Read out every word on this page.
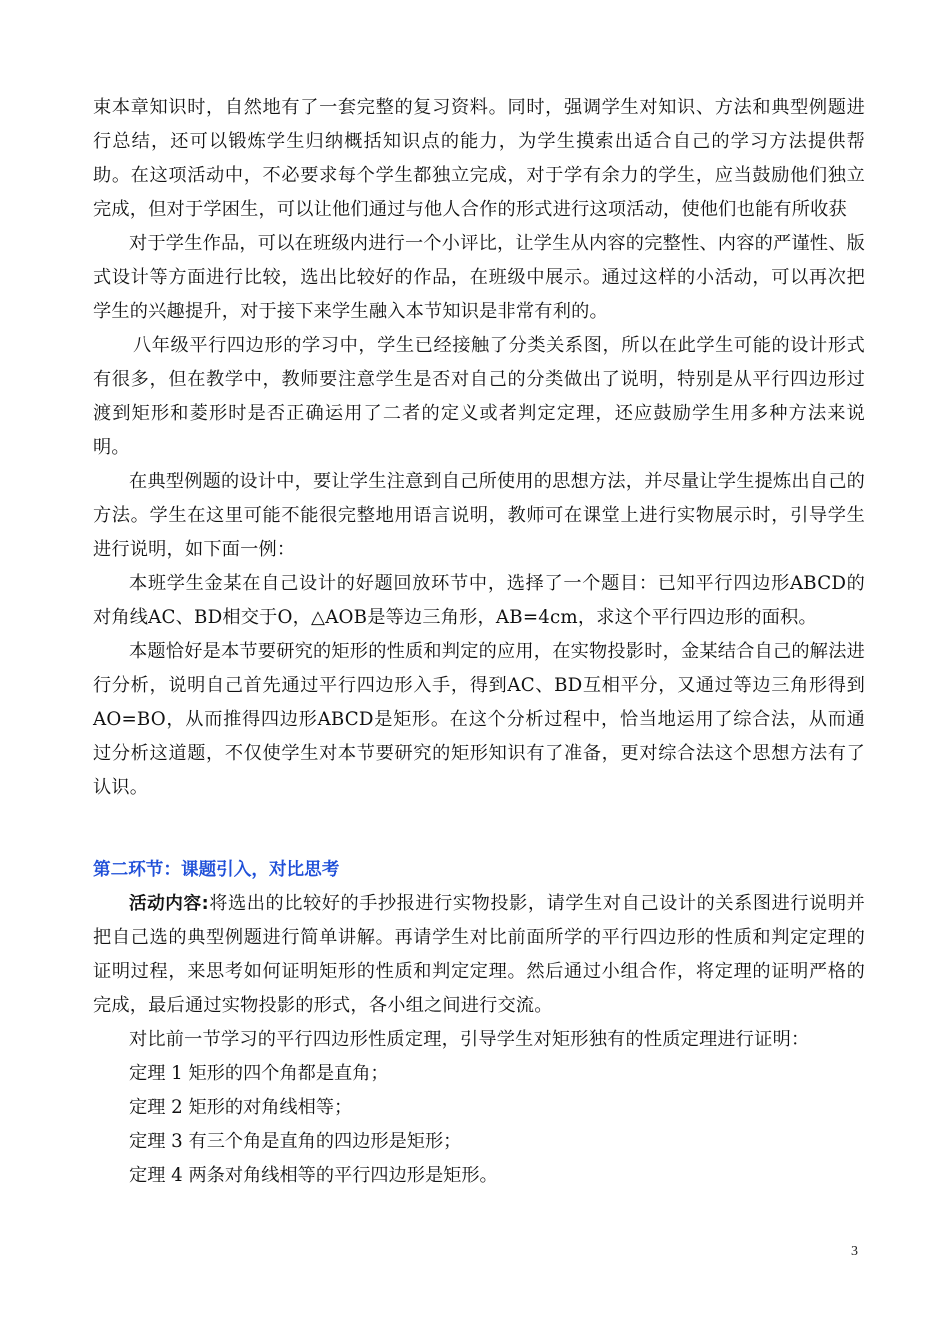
束本章知识时，自然地有了一套完整的复习资料。同时，强调学生对知识、方法和典型例题进行总结，还可以锻炼学生归纳概括知识点的能力，为学生摸索出适合自己的学习方法提供帮助。在这项活动中，不必要求每个学生都独立完成，对于学有余力的学生，应当鼓励他们独立完成，但对于学困生，可以让他们通过与他人合作的形式进行这项活动，使他们也能有所收获

对于学生作品，可以在班级内进行一个小评比，让学生从内容的完整性、内容的严谨性、版式设计等方面进行比较，选出比较好的作品，在班级中展示。通过这样的小活动，可以再次把学生的兴趣提升，对于接下来学生融入本节知识是非常有利的。

八年级平行四边形的学习中，学生已经接触了分类关系图，所以在此学生可能的设计形式有很多，但在教学中，教师要注意学生是否对自己的分类做出了说明，特别是从平行四边形过渡到矩形和菱形时是否正确运用了二者的定义或者判定定理，还应鼓励学生用多种方法来说明。

在典型例题的设计中，要让学生注意到自己所使用的思想方法，并尽量让学生提炼出自己的方法。学生在这里可能不能很完整地用语言说明，教师可在课堂上进行实物展示时，引导学生进行说明，如下面一例：

本班学生金某在自己设计的好题回放环节中，选择了一个题目：已知平行四边形ABCD的对角线AC、BD相交于O，△AOB是等边三角形，AB=4cm，求这个平行四边形的面积。

本题恰好是本节要研究的矩形的性质和判定的应用，在实物投影时，金某结合自己的解法进行分析，说明自己首先通过平行四边形入手，得到AC、BD互相平分，又通过等边三角形得到AO=BO，从而推得四边形ABCD是矩形。在这个分析过程中，恰当地运用了综合法，从而通过分析这道题，不仅使学生对本节要研究的矩形知识有了准备，更对综合法这个思想方法有了认识。

第二环节：课题引入，对比思考

活动内容:将选出的比较好的手抄报进行实物投影，请学生对自己设计的关系图进行说明并把自己选的典型例题进行简单讲解。再请学生对比前面所学的平行四边形的性质和判定定理的证明过程，来思考如何证明矩形的性质和判定定理。然后通过小组合作，将定理的证明严格的完成，最后通过实物投影的形式，各小组之间进行交流。

对比前一节学习的平行四边形性质定理，引导学生对矩形独有的性质定理进行证明：

定理 1 矩形的四个角都是直角；

定理 2 矩形的对角线相等；

定理 3 有三个角是直角的四边形是矩形；

定理 4 两条对角线相等的平行四边形是矩形。

3
